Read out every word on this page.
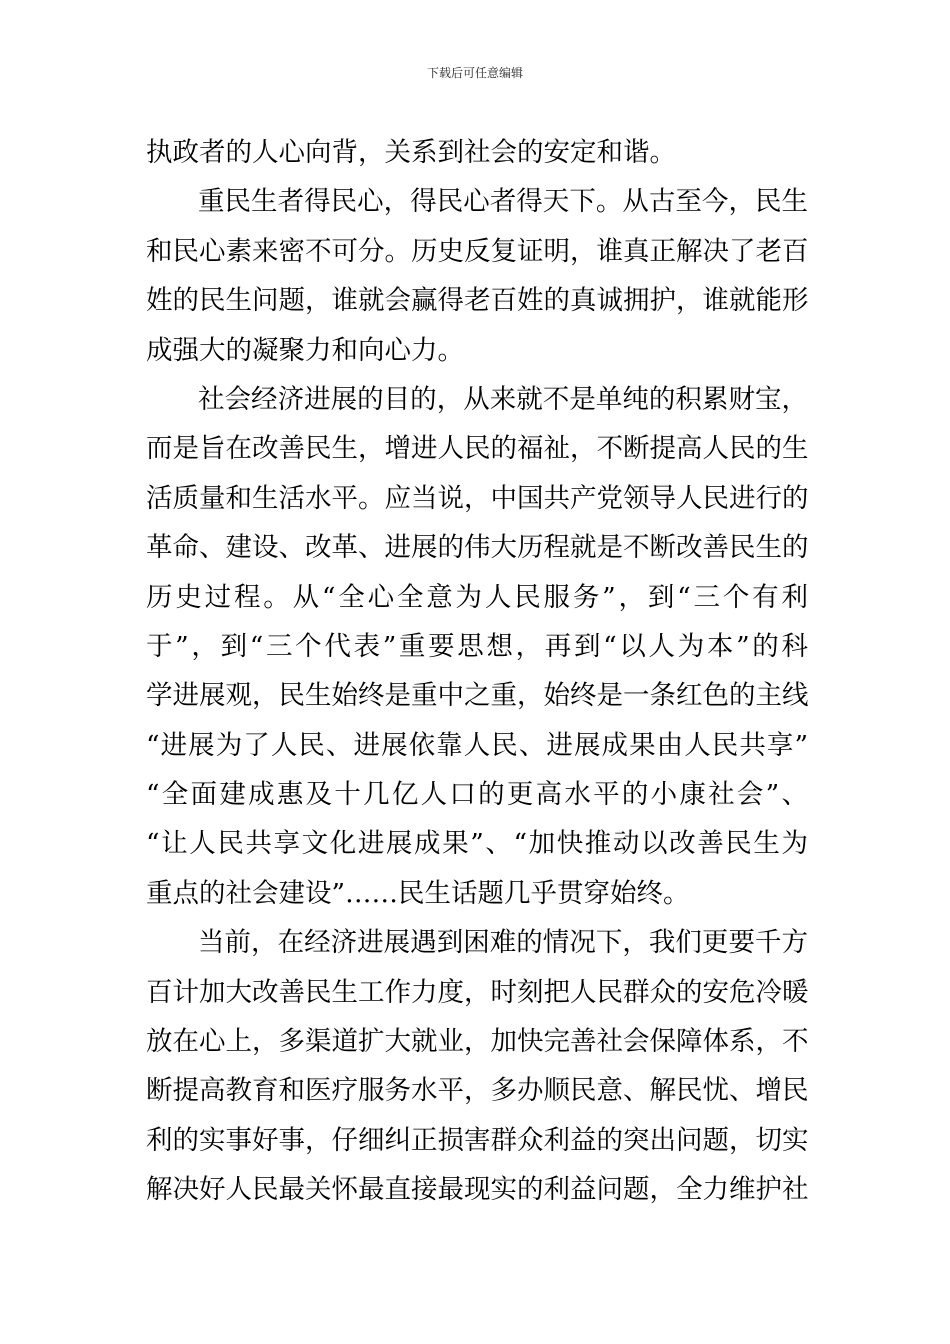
下载后可任意编辑
执政者的人心向背，关系到社会的安定和谐。
重民生者得民心，得民心者得天下。从古至今，民生
和民心素来密不可分。历史反复证明，谁真正解决了老百
姓的民生问题，谁就会赢得老百姓的真诚拥护，谁就能形
成强大的凝聚力和向心力。
社会经济进展的目的，从来就不是单纯的积累财宝，
而是旨在改善民生，增进人民的福祉，不断提高人民的生
活质量和生活水平。应当说，中国共产党领导人民进行的
革命、建设、改革、进展的伟大历程就是不断改善民生的
历史过程。从“全心全意为人民服务”，到“三个有利
于”，到“三个代表”重要思想，再到“以人为本”的科
学进展观，民生始终是重中之重，始终是一条红色的主线
“进展为了人民、进展依靠人民、进展成果由人民共享”
“全面建成惠及十几亿人口的更高水平的小康社会”、
“让人民共享文化进展成果”、“加快推动以改善民生为
重点的社会建设”……民生话题几乎贯穿始终。
当前，在经济进展遇到困难的情况下，我们更要千方
百计加大改善民生工作力度，时刻把人民群众的安危冷暖
放在心上，多渠道扩大就业，加快完善社会保障体系，不
断提高教育和医疗服务水平，多办顺民意、解民忧、增民
利的实事好事，仔细纠正损害群众利益的突出问题，切实
解决好人民最关怀最直接最现实的利益问题，全力维护社
